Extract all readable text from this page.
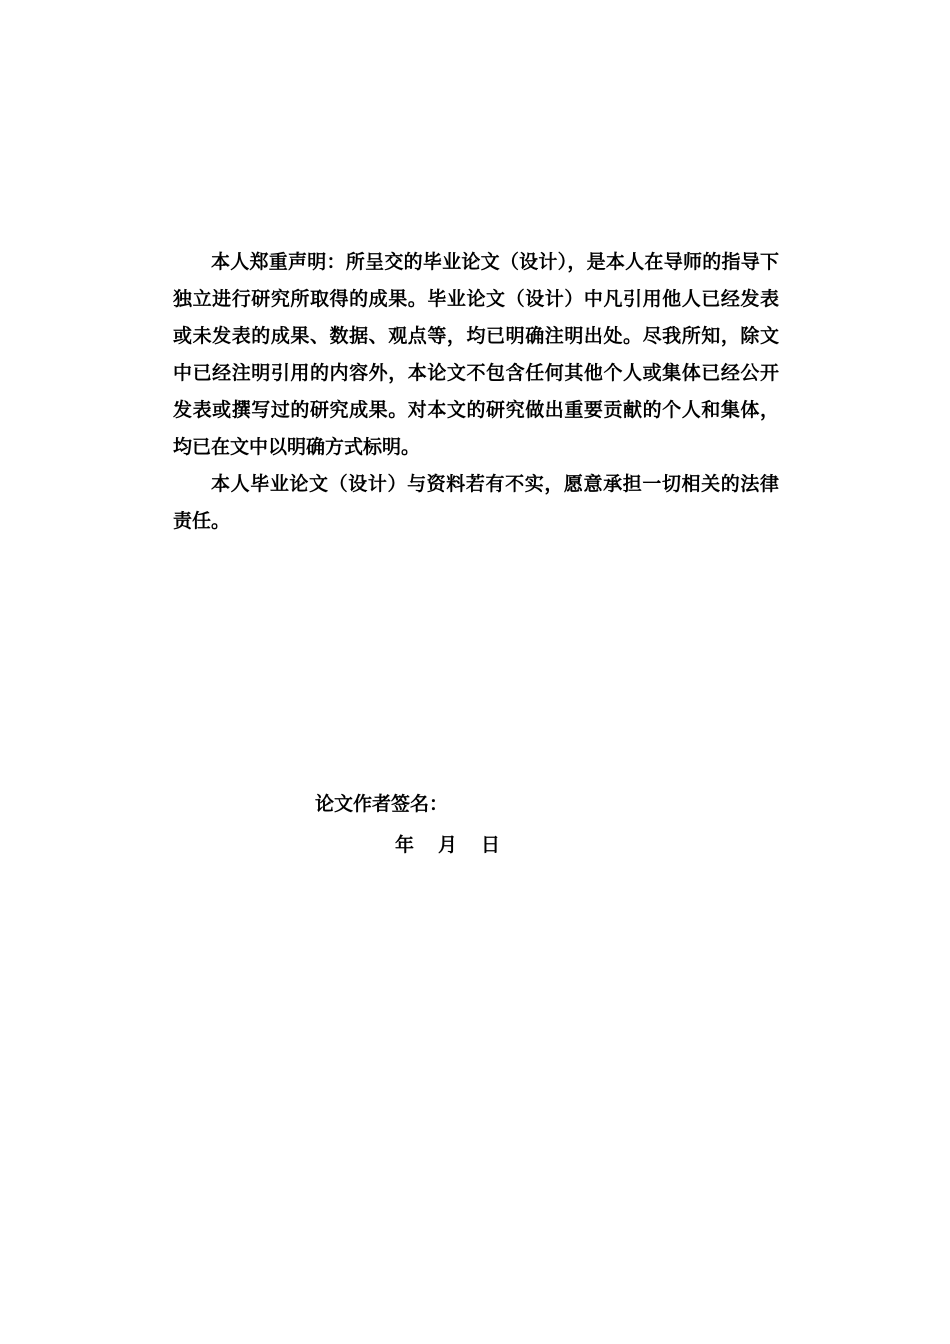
本人郑重声明：所呈交的毕业论文（设计），是本人在导师的指导下独立进行研究所取得的成果。毕业论文（设计）中凡引用他人已经发表或未发表的成果、数据、观点等，均已明确注明出处。尽我所知，除文中已经注明引用的内容外，本论文不包含任何其他个人或集体已经公开发表或撰写过的研究成果。对本文的研究做出重要贡献的个人和集体，均已在文中以明确方式标明。

本人毕业论文（设计）与资料若有不实，愿意承担一切相关的法律责任。

论文作者签名：
年 月 日
